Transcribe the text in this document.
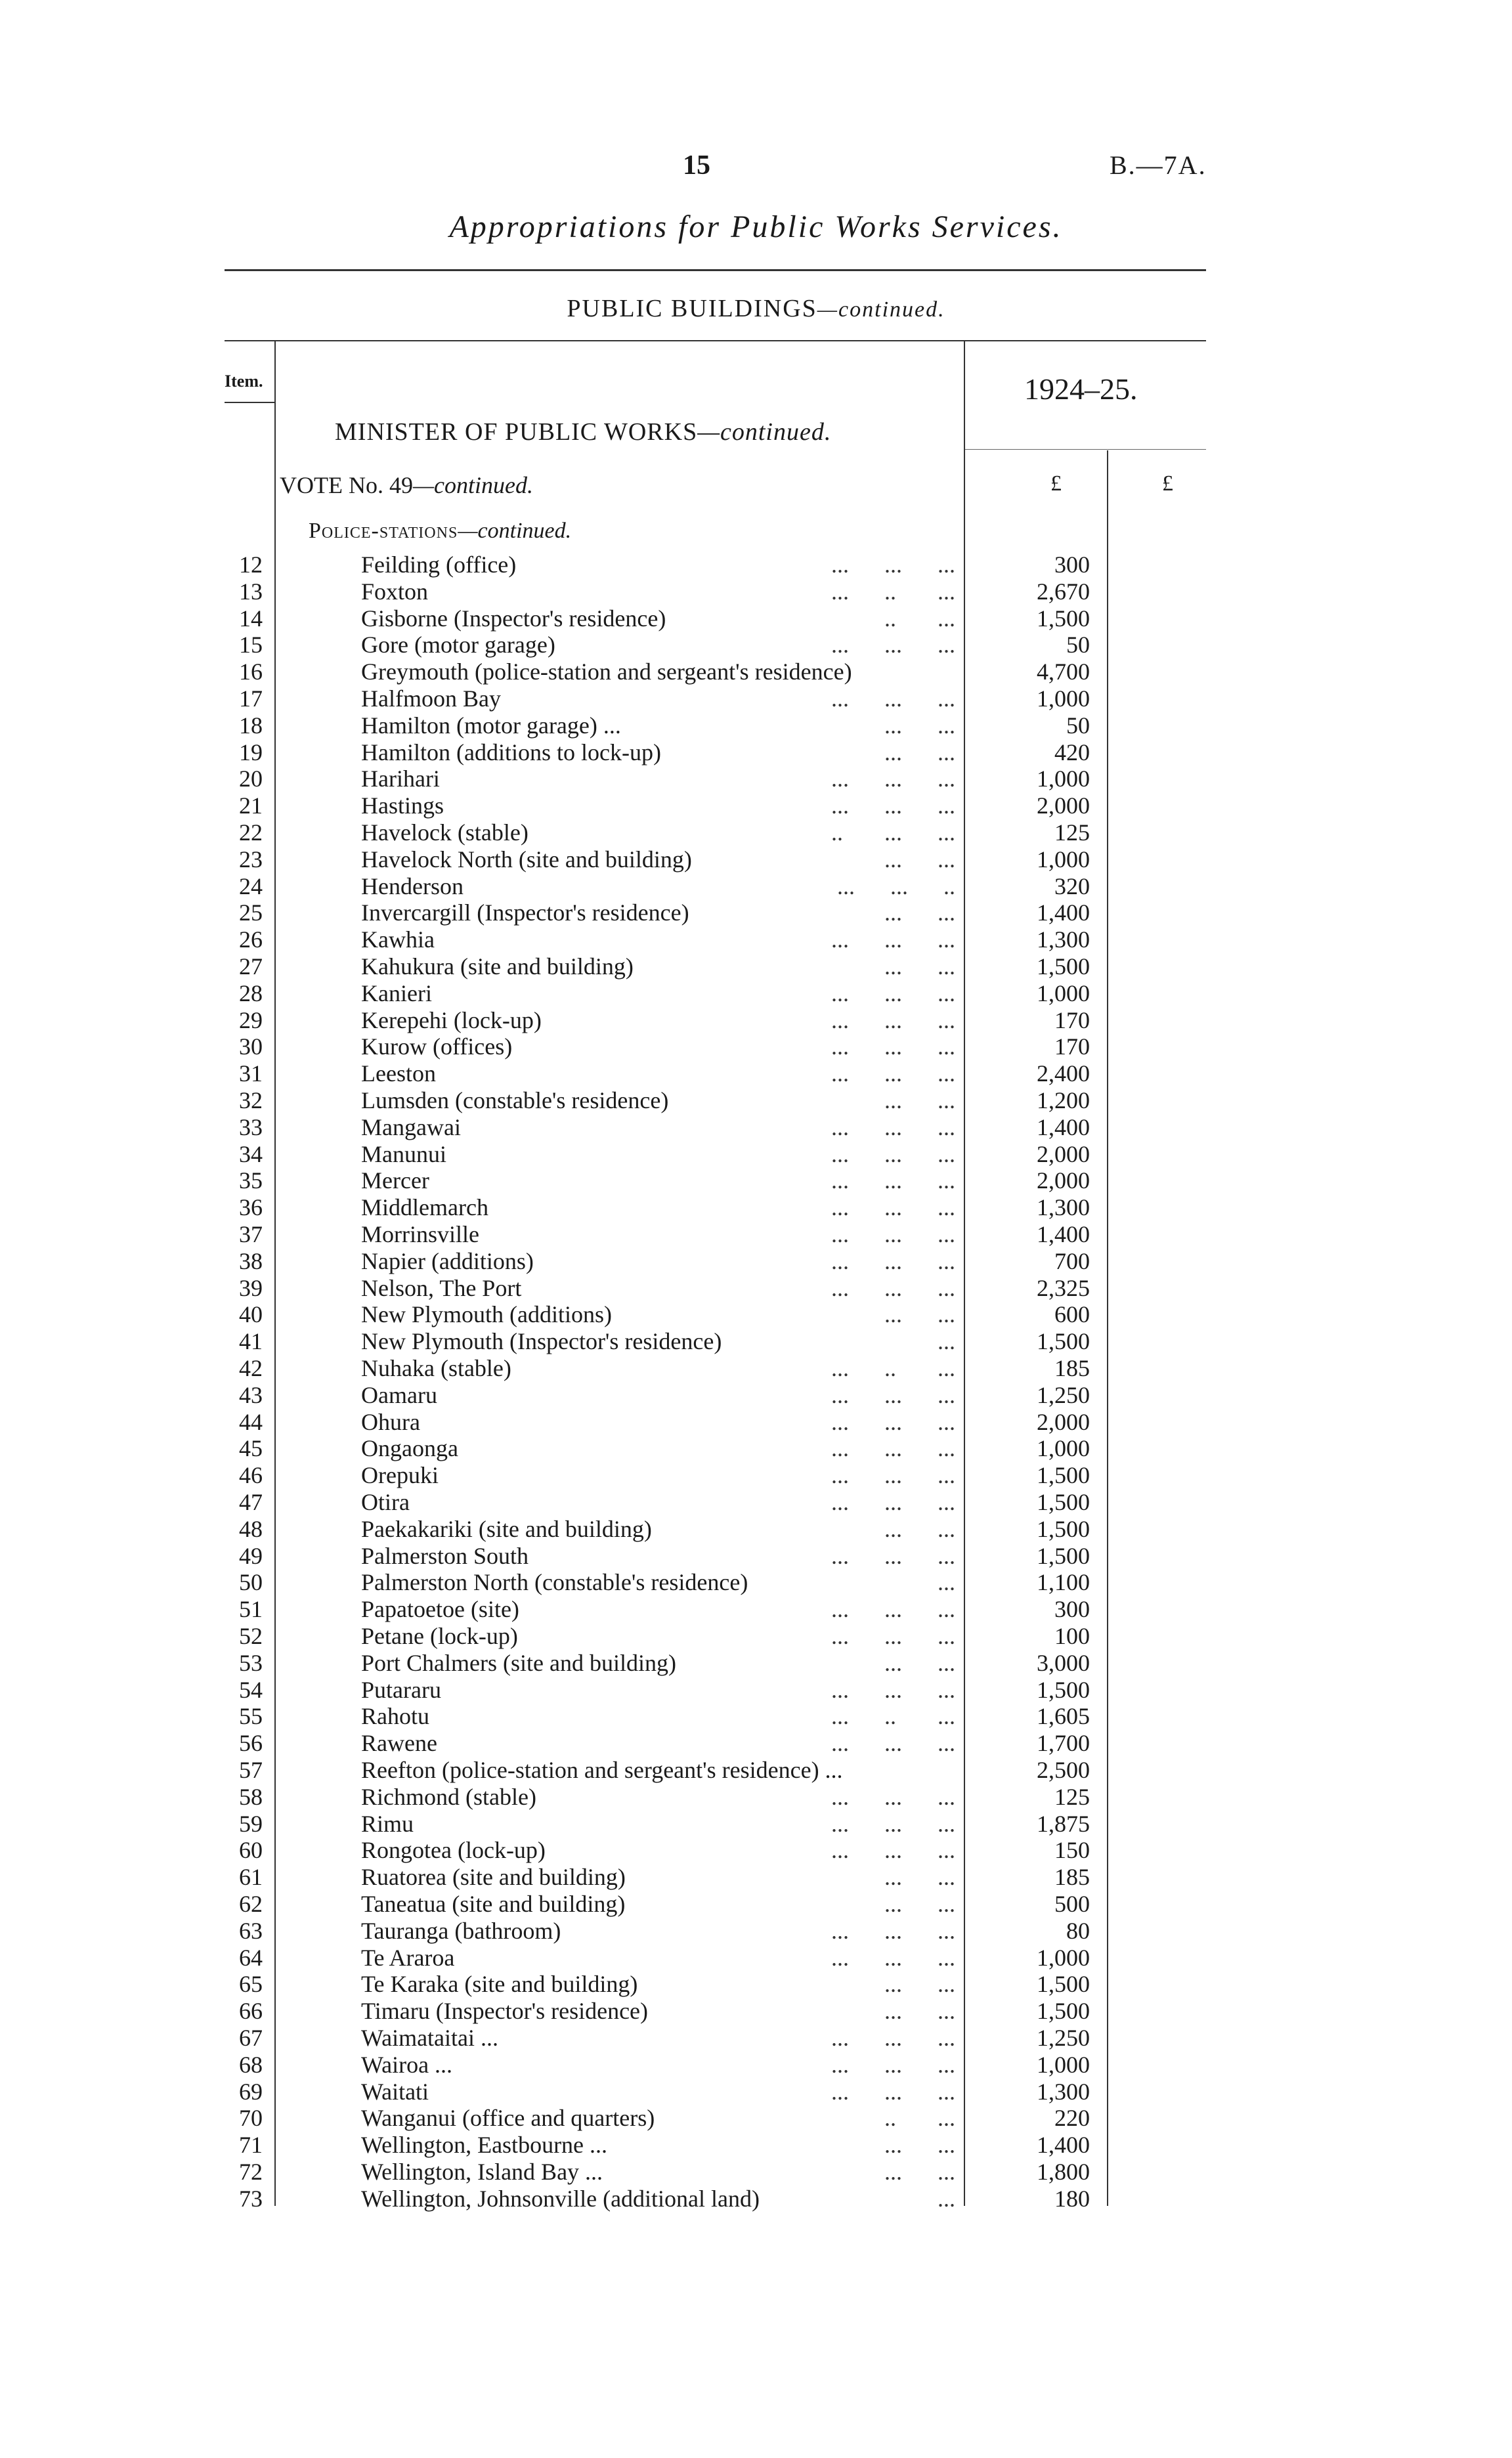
15	B.—7A.
Appropriations for Public Works Services.
PUBLIC BUILDINGS—continued.
Item.	1924–25.
MINISTER OF PUBLIC WORKS—continued.
VOTE No. 49—continued.	£	£
Police-stations—continued.
12	Feilding (office)	...      ...      ...	300
13	Foxton	...      ..       ...	2,670
14	Gisborne (Inspector's residence)	..       ...	1,500
15	Gore (motor garage)	...      ...      ...	50
16	Greymouth (police-station and sergeant's residence)	4,700
17	Halfmoon Bay	...      ...      ...	1,000
18	Hamilton (motor garage) ...	...      ...	50
19	Hamilton (additions to lock-up)	...      ...	420
20	Harihari	...      ...      ...	1,000
21	Hastings	...      ...      ...	2,000
22	Havelock (stable)	..       ...      ...	125
23	Havelock North (site and building)	...      ...	1,000
24	Henderson	...      ...      ..	320
25	Invercargill (Inspector's residence)	...      ...	1,400
26	Kawhia	...      ...      ...	1,300
27	Kahukura (site and building)	...      ...	1,500
28	Kanieri	...      ...      ...	1,000
29	Kerepehi (lock-up)	...      ...      ...	170
30	Kurow (offices)	...      ...      ...	170
31	Leeston	...      ...      ...	2,400
32	Lumsden (constable's residence)	...      ...	1,200
33	Mangawai	...      ...      ...	1,400
34	Manunui	...      ...      ...	2,000
35	Mercer	...      ...      ...	2,000
36	Middlemarch	...      ...      ...	1,300
37	Morrinsville	...      ...      ...	1,400
38	Napier (additions)	...      ...      ...	700
39	Nelson, The Port	...      ...      ...	2,325
40	New Plymouth (additions)	...      ...	600
41	New Plymouth (Inspector's residence)	...	1,500
42	Nuhaka (stable)	...      ..       ...	185
43	Oamaru	...      ...      ...	1,250
44	Ohura	...      ...      ...	2,000
45	Ongaonga	...      ...      ...	1,000
46	Orepuki	...      ...      ...	1,500
47	Otira	...      ...      ...	1,500
48	Paekakariki (site and building)	...      ...	1,500
49	Palmerston South	...      ...      ...	1,500
50	Palmerston North (constable's residence)	...	1,100
51	Papatoetoe (site)	...      ...      ...	300
52	Petane (lock-up)	...      ...      ...	100
53	Port Chalmers (site and building)	...      ...	3,000
54	Putararu	...      ...      ...	1,500
55	Rahotu	...      ..       ...	1,605
56	Rawene	...      ...      ...	1,700
57	Reefton (police-station and sergeant's residence) ...	2,500
58	Richmond (stable)	...      ...      ...	125
59	Rimu	...      ...      ...	1,875
60	Rongotea (lock-up)	...      ...      ...	150
61	Ruatorea (site and building)	...      ...	185
62	Taneatua (site and building)	...      ...	500
63	Tauranga (bathroom)	...      ...      ...	80
64	Te Araroa	...      ...      ...	1,000
65	Te Karaka (site and building)	...      ...	1,500
66	Timaru (Inspector's residence)	...      ...	1,500
67	Waimataitai ...	...      ...      ...	1,250
68	Wairoa ...	...      ...      ...	1,000
69	Waitati	...      ...      ...	1,300
70	Wanganui (office and quarters)	..       ...	220
71	Wellington, Eastbourne ...	...      ...	1,400
72	Wellington, Island Bay ...	...      ...	1,800
73	Wellington, Johnsonville (additional land)	...	180
